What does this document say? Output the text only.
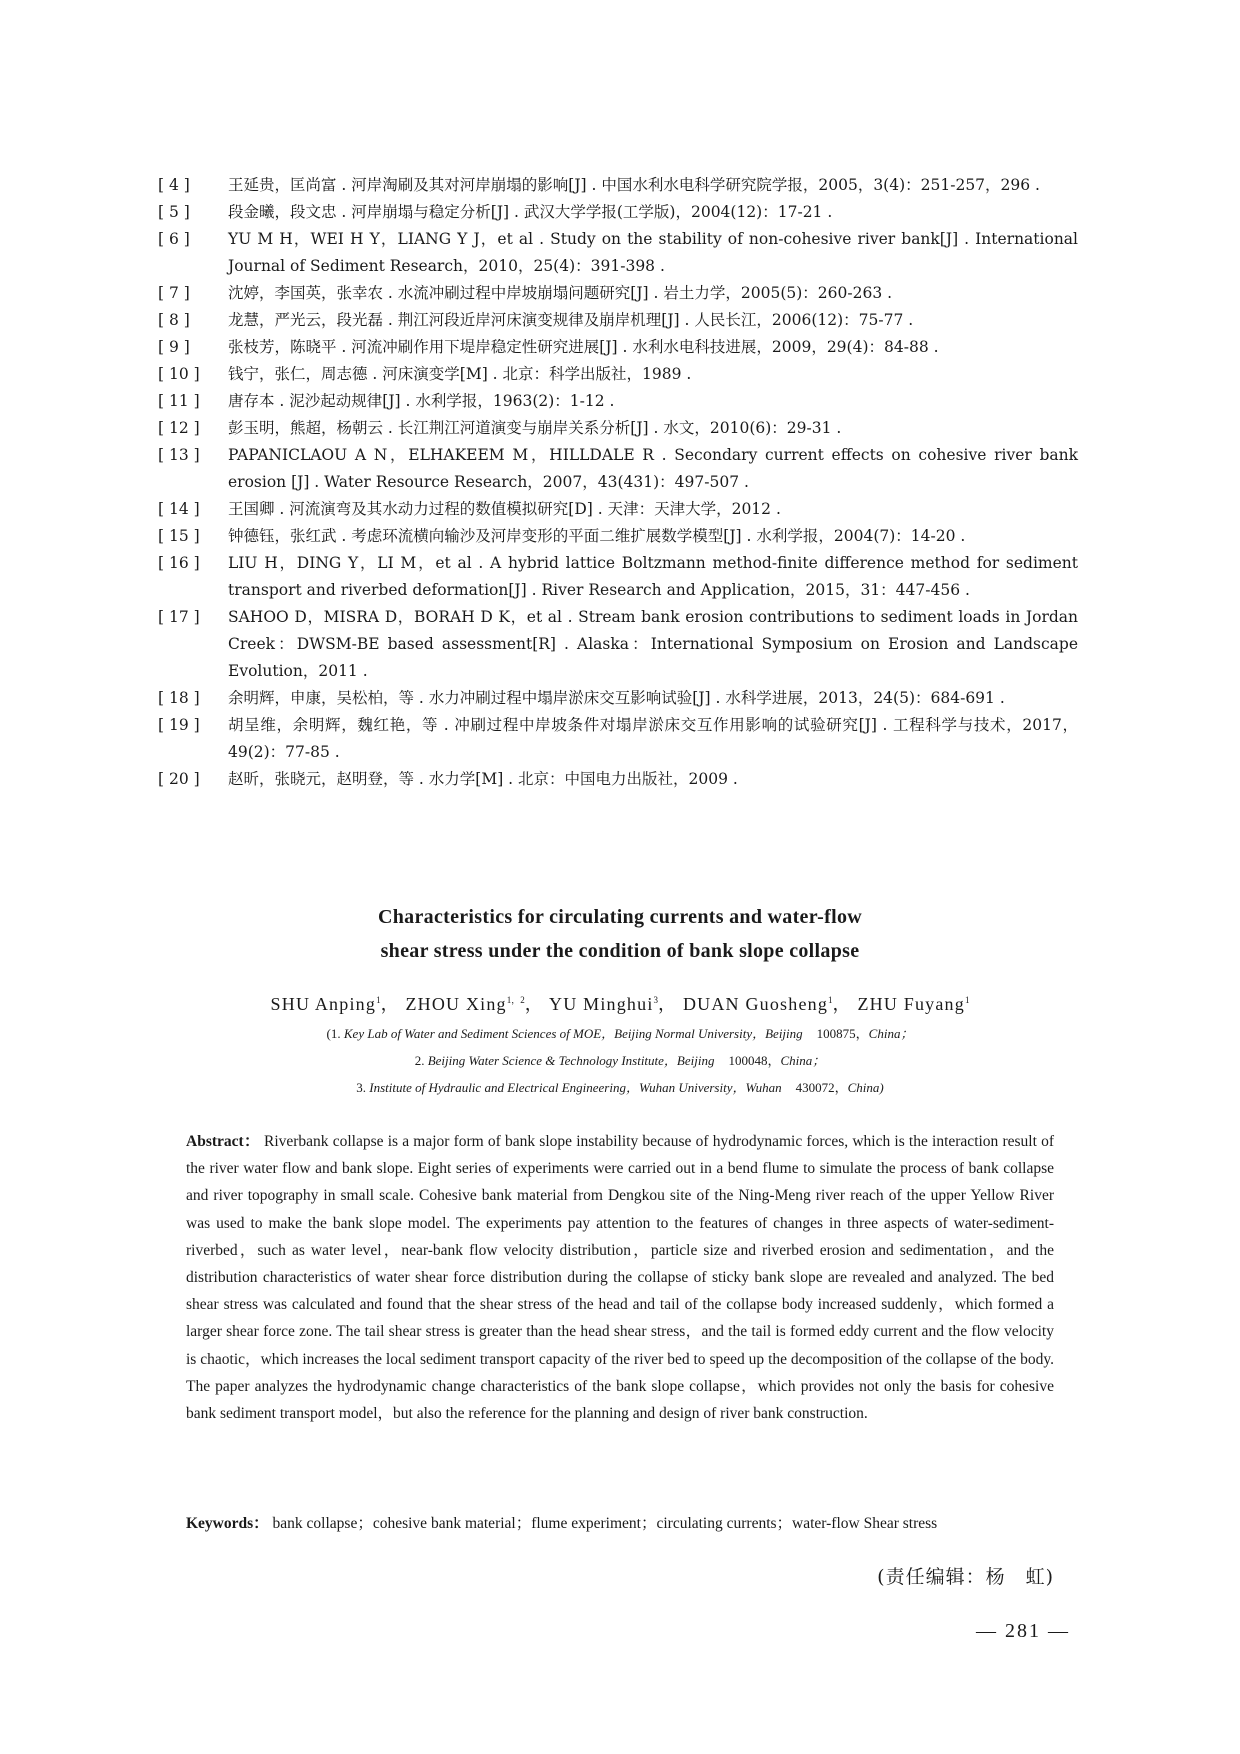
[ 4 ]	王延贵，匡尚富 . 河岸淘刷及其对河岸崩塌的影响[J] . 中国水利水电科学研究院学报，2005，3(4)：251-257，296 .
[ 5 ]	段金曦，段文忠 . 河岸崩塌与稳定分析[J] . 武汉大学学报(工学版)，2004(12)：17-21 .
[ 6 ]	YU M H，WEI H Y，LIANG Y J，et al . Study on the stability of non-cohesive river bank[J] . International Journal of Sediment Research，2010，25(4)：391-398 .
[ 7 ]	沈婷，李国英，张幸农 . 水流冲刷过程中岸坡崩塌问题研究[J] . 岩土力学，2005(5)：260-263 .
[ 8 ]	龙慧，严光云，段光磊 . 荆江河段近岸河床演变规律及崩岸机理[J] . 人民长江，2006(12)：75-77 .
[ 9 ]	张枝芳，陈晓平 . 河流冲刷作用下堤岸稳定性研究进展[J] . 水利水电科技进展，2009，29(4)：84-88 .
[ 10 ]	钱宁，张仁，周志德 . 河床演变学[M] . 北京：科学出版社，1989 .
[ 11 ]	唐存本 . 泥沙起动规律[J] . 水利学报，1963(2)：1-12 .
[ 12 ]	彭玉明，熊超，杨朝云 . 长江荆江河道演变与崩岸关系分析[J] . 水文，2010(6)：29-31 .
[ 13 ]	PAPANICLAOU A N，ELHAKEEM M，HILLDALE R . Secondary current effects on cohesive river bank erosion [J] . Water Resource Research，2007，43(431)：497-507 .
[ 14 ]	王国卿 . 河流演弯及其水动力过程的数值模拟研究[D] . 天津：天津大学，2012 .
[ 15 ]	钟德钰，张红武 . 考虑环流横向输沙及河岸变形的平面二维扩展数学模型[J] . 水利学报，2004(7)：14-20 .
[ 16 ]	LIU H，DING Y，LI M，et al . A hybrid lattice Boltzmann method-finite difference method for sediment transport and riverbed deformation[J] . River Research and Application，2015，31：447-456 .
[ 17 ]	SAHOO D，MISRA D，BORAH D K，et al . Stream bank erosion contributions to sediment loads in Jordan Creek：DWSM-BE based assessment[R] . Alaska：International Symposium on Erosion and Landscape Evolution，2011 .
[ 18 ]	余明辉，申康，吴松柏，等 . 水力冲刷过程中塌岸淤床交互影响试验[J] . 水科学进展，2013，24(5)：684-691 .
[ 19 ]	胡呈维，余明辉，魏红艳，等 . 冲刷过程中岸坡条件对塌岸淤床交互作用影响的试验研究[J] . 工程科学与技术，2017，49(2)：77-85 .
[ 20 ]	赵昕，张晓元，赵明登，等 . 水力学[M] . 北京：中国电力出版社，2009 .
Characteristics for circulating currents and water-flow
shear stress under the condition of bank slope collapse
SHU Anping$^1$， ZHOU Xing$^{1,2}$， YU Minghui$^3$， DUAN Guosheng$^1$， ZHU Fuyang$^1$
(1. Key Lab of Water and Sediment Sciences of MOE，Beijing Normal University，Beijing 100875，China；
2. Beijing Water Science & Technology Institute，Beijing 100048，China；
3. Institute of Hydraulic and Electrical Engineering，Wuhan University，Wuhan 430072，China)
Abstract： Riverbank collapse is a major form of bank slope instability because of hydrodynamic forces, which is the interaction result of the river water flow and bank slope. Eight series of experiments were carried out in a bend flume to simulate the process of bank collapse and river topography in small scale. Cohesive bank material from Dengkou site of the Ning-Meng river reach of the upper Yellow River was used to make the bank slope model. The experiments pay attention to the features of changes in three aspects of water-sediment-riverbed，such as water level，near-bank flow velocity distribution，particle size and riverbed erosion and sedimentation，and the distribution characteristics of water shear force distribution during the collapse of sticky bank slope are revealed and analyzed. The bed shear stress was calculated and found that the shear stress of the head and tail of the collapse body increased suddenly，which formed a larger shear force zone. The tail shear stress is greater than the head shear stress，and the tail is formed eddy current and the flow velocity is chaotic，which increases the local sediment transport capacity of the river bed to speed up the decomposition of the collapse of the body. The paper analyzes the hydrodynamic change characteristics of the bank slope collapse，which provides not only the basis for cohesive bank sediment transport model，but also the reference for the planning and design of river bank construction.
Keywords： bank collapse；cohesive bank material；flume experiment；circulating currents；water-flow Shear stress
(责任编辑：杨　虹)
— 281 —
